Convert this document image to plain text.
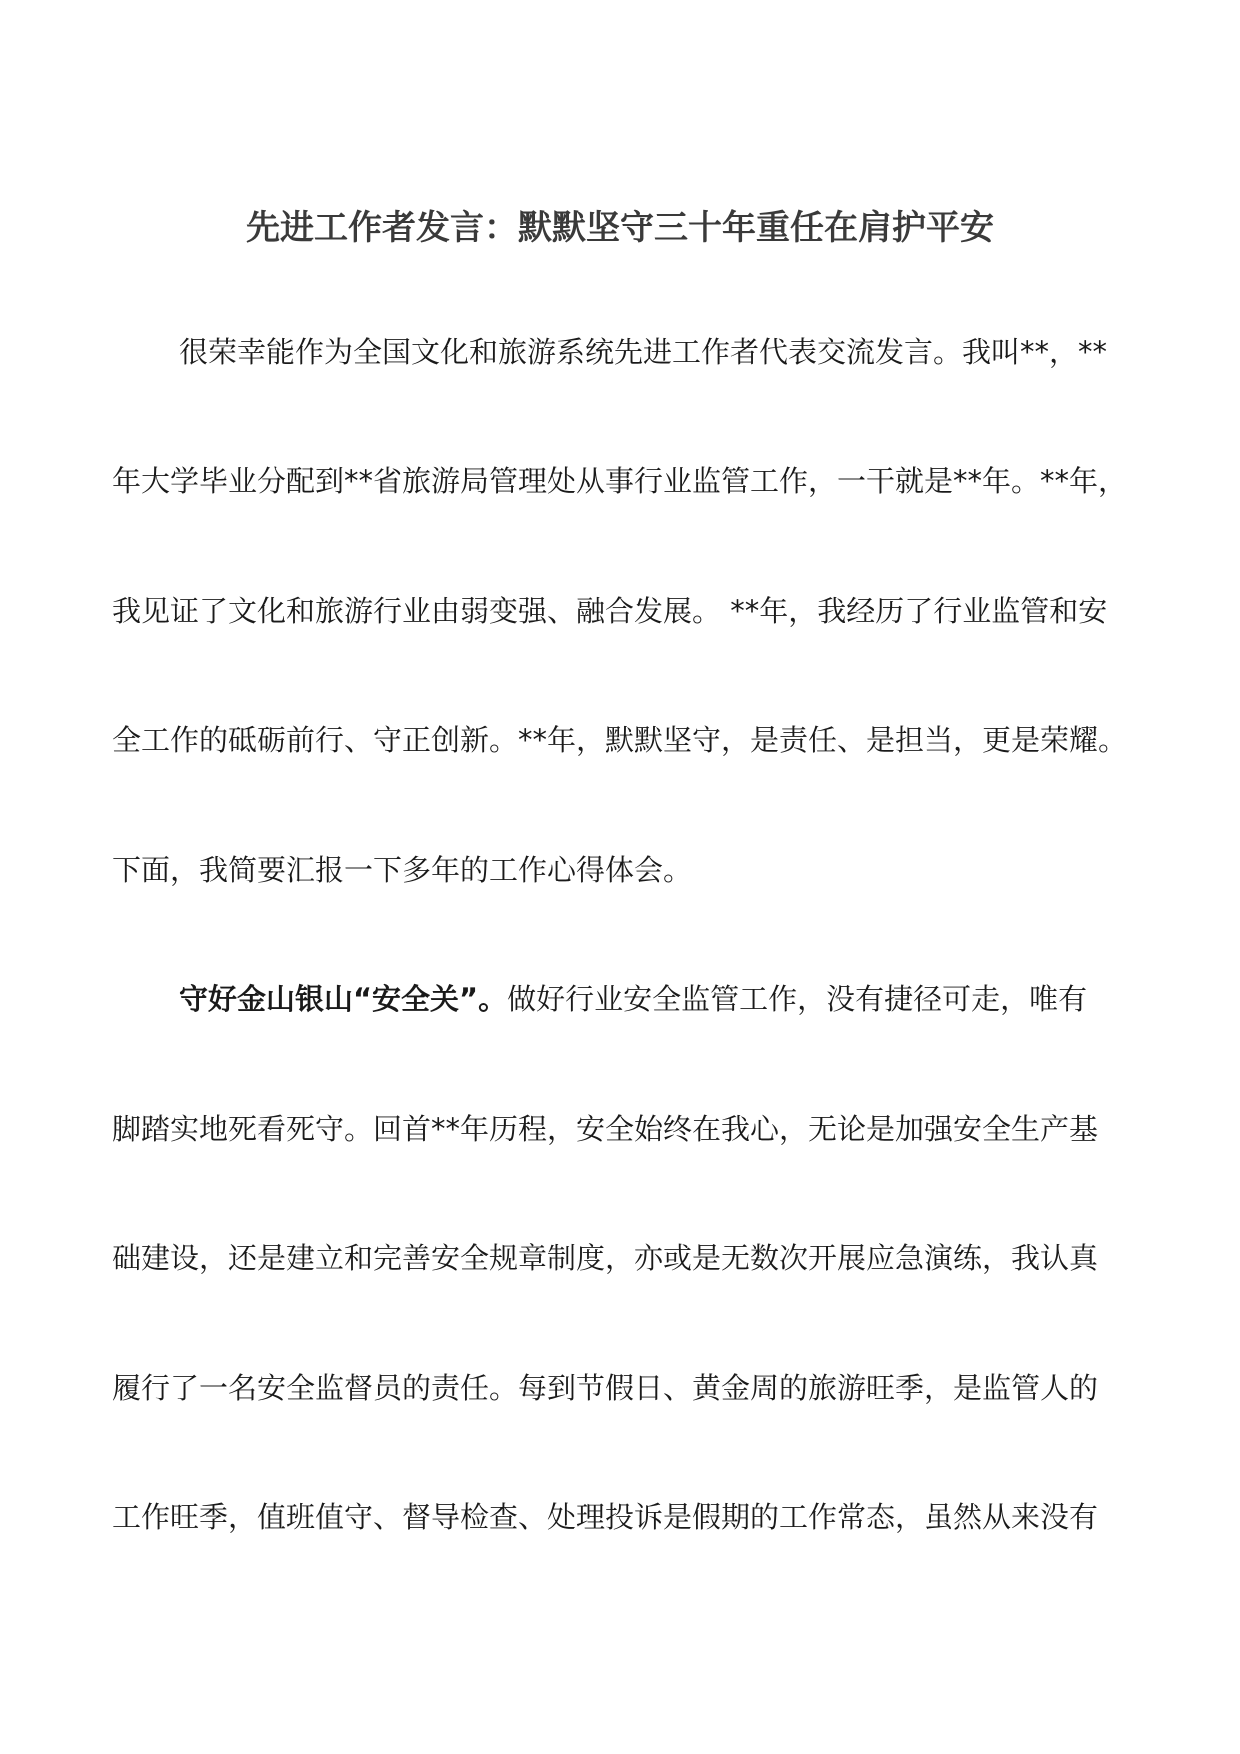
先进工作者发言：默默坚守三十年重任在肩护平安

很荣幸能作为全国文化和旅游系统先进工作者代表交流发言。我叫**，**

年大学毕业分配到**省旅游局管理处从事行业监管工作，一干就是**年。**年，

我见证了文化和旅游行业由弱变强、融合发展。 **年，我经历了行业监管和安

全工作的砥砺前行、守正创新。**年，默默坚守，是责任、是担当，更是荣耀。

下面，我简要汇报一下多年的工作心得体会。

守好金山银山“安全关”。做好行业安全监管工作，没有捷径可走，唯有

脚踏实地死看死守。回首**年历程，安全始终在我心，无论是加强安全生产基

础建设，还是建立和完善安全规章制度，亦或是无数次开展应急演练，我认真

履行了一名安全监督员的责任。每到节假日、黄金周的旅游旺季，是监管人的

工作旺季，值班值守、督导检查、处理投诉是假期的工作常态，虽然从来没有
